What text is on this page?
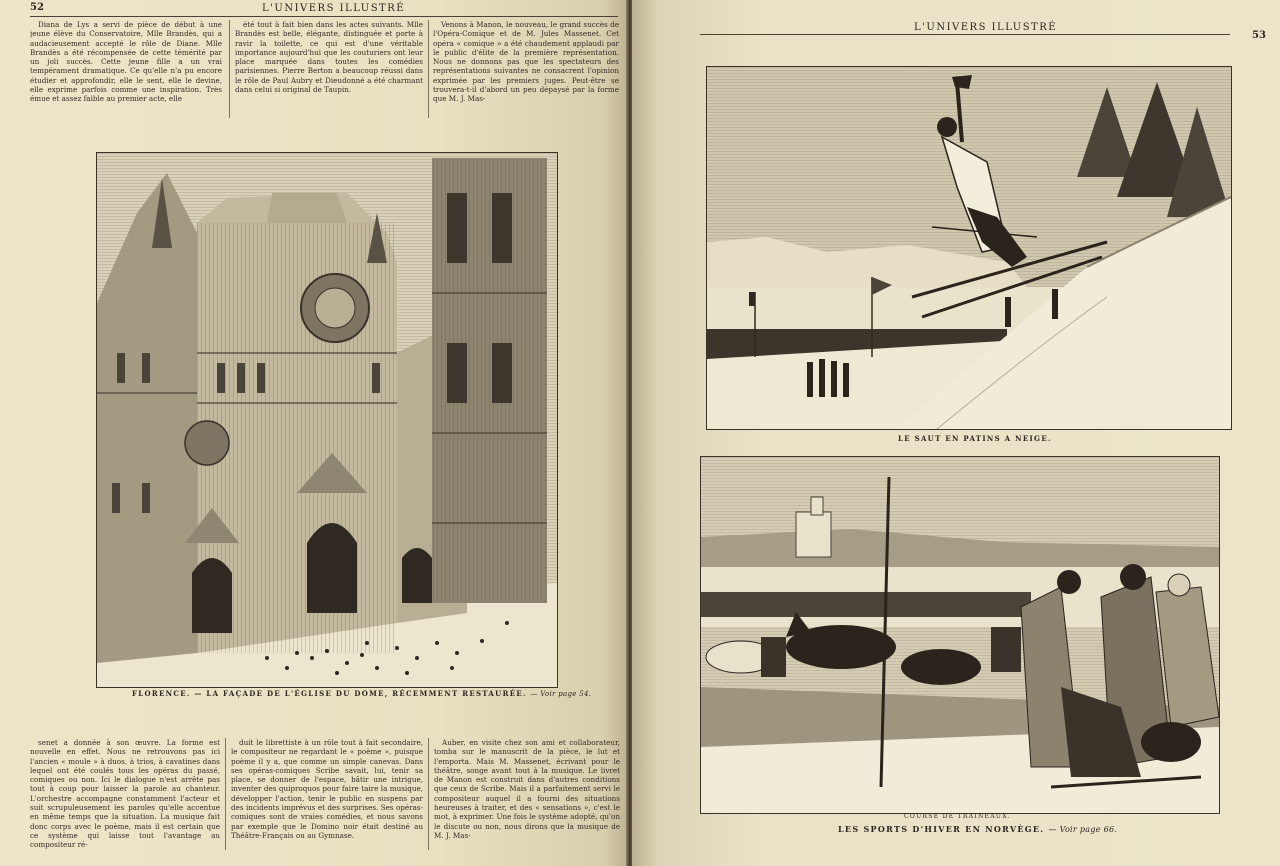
52	L'UNIVERS ILLUSTRÉ

Diana de Lys a servi de pièce de début à une jeune élève du Conservatoire, Mlle Brandès, qui a audacieusement accepté le rôle de Diane. Mlle Brandès a été récompensée de cette témérité par un joli succès. Cette jeune fille a un vrai tempérament dramatique. Ce qu'elle n'a pu encore étudier et approfondir, elle le sent, elle le devine, elle exprime parfois comme une inspiration. Très émue et assez faible au premier acte, elle

été tout à fait bien dans les actes suivants. Mlle Brandès est belle, élégante, distinguée et porte à ravir la toilette, ce qui est d'une véritable importance aujourd'hui que les couturiers ont leur place marquée dans toutes les comédies parisiennes. Pierre Berton a beaucoup réussi dans le rôle de Paul Aubry et Dieudonné a été charmant dans celui si original de Taupin.

Venons à Manon, le nouveau, le grand succès de l'Opéra-Comique et de M. Jules Massenet. Cet opéra « comique » a été chaudement applaudi par le public d'élite de la première représentation. Nous ne donnons pas que les spectateurs des représentations suivantes ne consacrent l'opinion exprimée par les premiers juges. Peut-être se trouvera-t-il d'abord un peu dépaysé par la forme que M. J. Mas-

FLORENCE. — LA FAÇADE DE L'ÉGLISE DU DOME, RÉCEMMENT RESTAURÉE. — Voir page 54.

senet a donnée à son œuvre. La forme est nouvelle en effet. Nous ne retrouvons pas ici l'ancien « moule » à duos, à trios, à cavatines dans lequel ont été coulés tous les opéras du passé, comiques ou non. Ici le dialogue n'est arrête pas tout à coup pour laisser la parole au chanteur. L'orchestre accompagne constamment l'acteur et suit scrupuleusement les paroles qu'elle accentue en même temps que la situation. La musique fait donc corps avec le poème, mais il est certain que ce système qui laisse tout l'avantage au compositeur ré-

duit le librettiste à un rôle tout à fait secondaire, le compositeur ne regardant le « poème », puisque poème il y a, que comme un simple canevas. Dans ses opéras-comiques Scribe savait, lui, tenir sa place, se donner de l'espace, bâtir une intrigue, inventer des quiproquos pour faire taire la musique, développer l'action, tenir le public en suspens par des incidents imprévus et des surprises. Ses opéras-comiques sont de vraies comédies, et nous savons par exemple que le Domino noir était destiné au Théâtre-Français ou au Gymnase.

Auber, en visite chez son ami et collaborateur, tomba sur le manuscrit de la pièce, le lut et l'emporta. Mais M. Massenet, écrivant pour le théâtre, songe avant tout à la musique. Le livret de Manon est construit dans d'autres conditions que ceux de Scribe. Mais il a parfaitement servi le compositeur auquel il a fourni des situations heureuses à traiter, et des « sensations », c'est le mot, à exprimer. Une fois le système adopté, qu'on le discute ou non, nous dirons que la musique de M. J. Mas-

L'UNIVERS ILLUSTRÉ
53
LE SAUT EN PATINS A NEIGE.
COURSE DE TRAINEAUX.
LES SPORTS D'HIVER EN NORVÈGE. — Voir page 66.
